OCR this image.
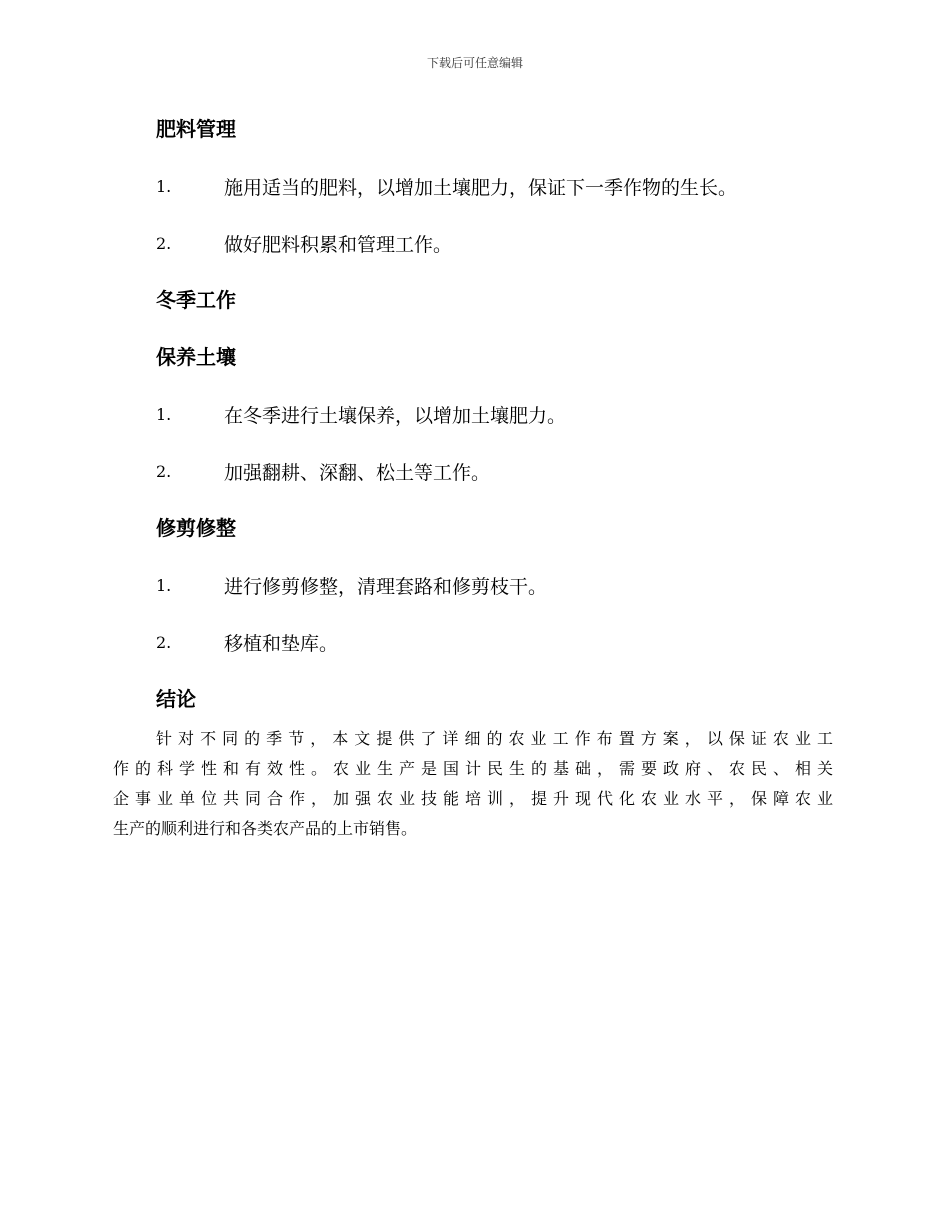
下载后可任意编辑
肥料管理
1.	施用适当的肥料，以增加土壤肥力，保证下一季作物的生长。
2.	做好肥料积累和管理工作。
冬季工作
保养土壤
1.	在冬季进行土壤保养，以增加土壤肥力。
2.	加强翻耕、深翻、松土等工作。
修剪修整
1.	进行修剪修整，清理套路和修剪枝干。
2.	移植和垫库。
结论
针对不同的季节，本文提供了详细的农业工作布置方案，以保证农业工
作的科学性和有效性。农业生产是国计民生的基础，需要政府、农民、相关
企事业单位共同合作，加强农业技能培训，提升现代化农业水平，保障农业
生产的顺利进行和各类农产品的上市销售。
